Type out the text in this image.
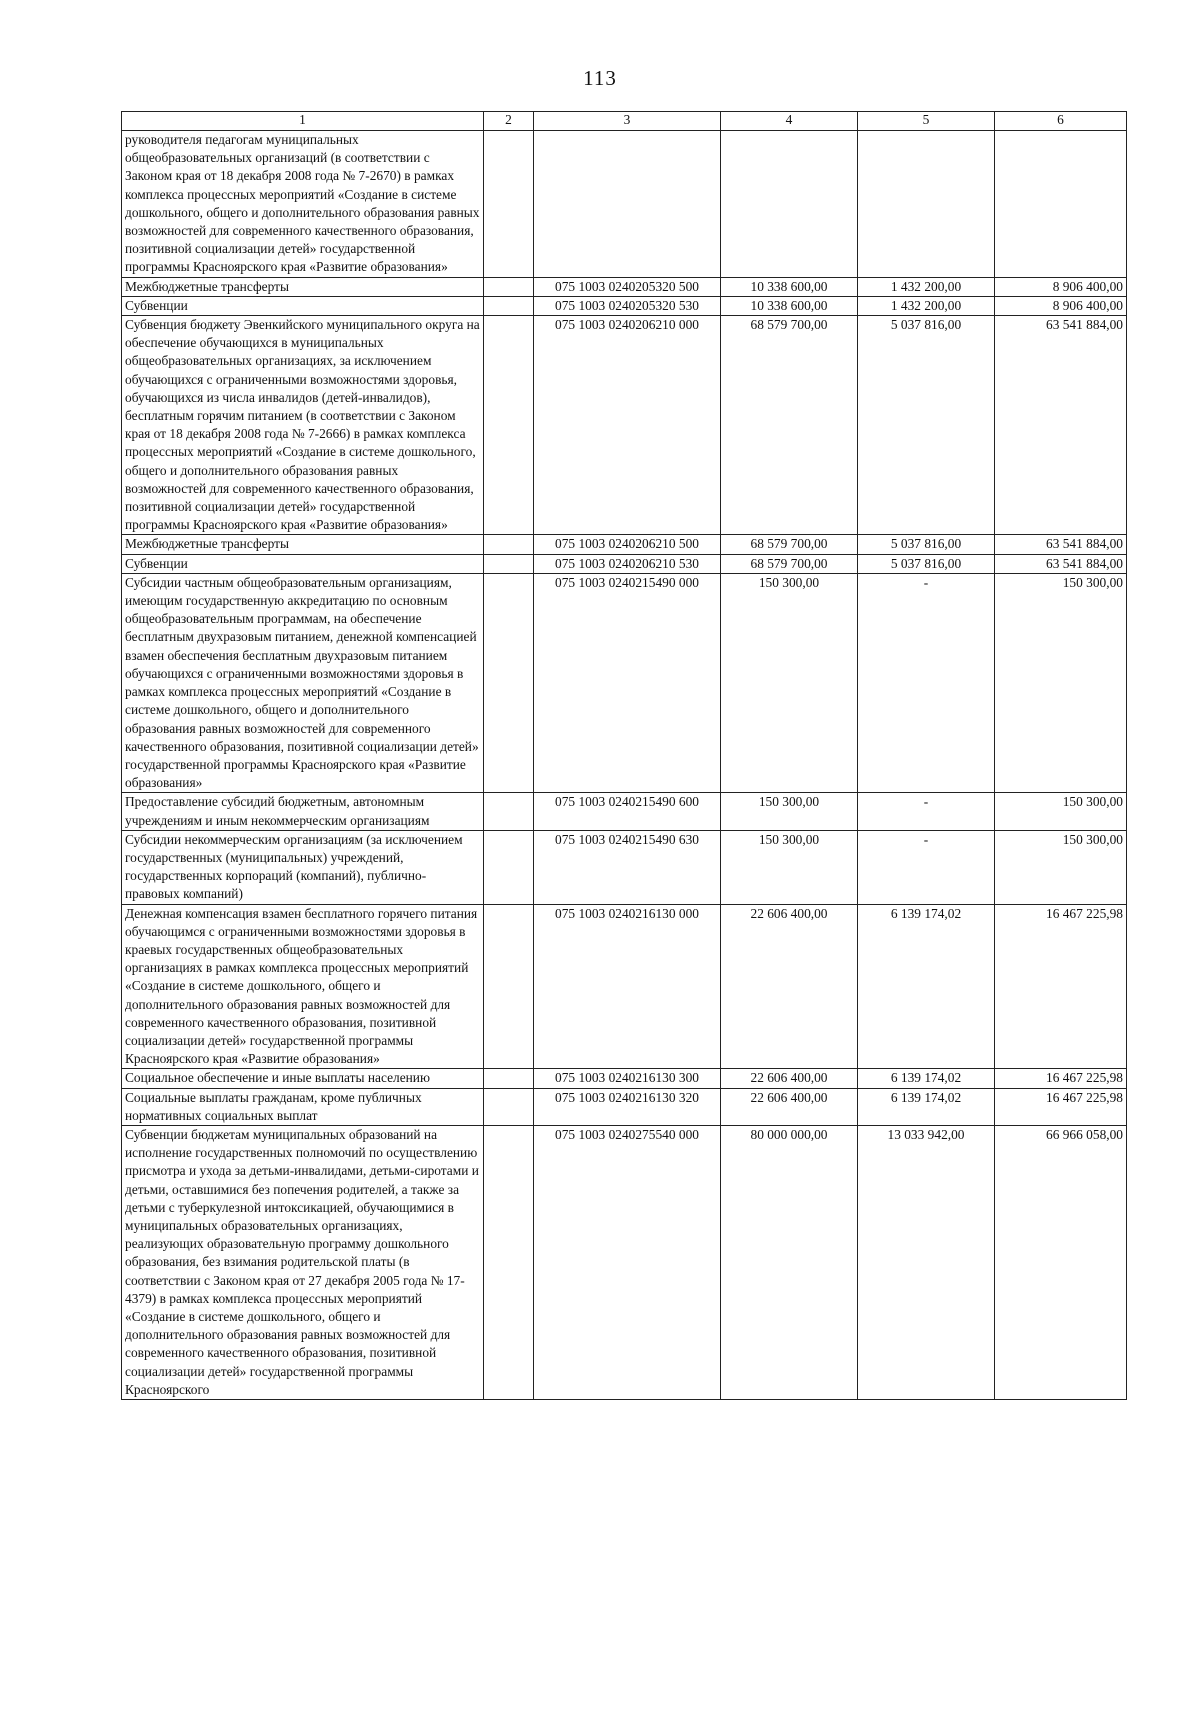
113
1	2	3	4	5	6
руководителя педагогам муниципальных общеобразовательных организаций (в соответствии с Законом края от 18 декабря 2008 года № 7-2670) в рамках комплекса процессных мероприятий «Создание в системе дошкольного, общего и дополнительного образования равных возможностей для современного качественного образования, позитивной социализации детей» государственной программы Красноярского края «Развитие образования»					
Межбюджетные трансферты		075 1003 0240205320 500	10 338 600,00	1 432 200,00	8 906 400,00
Субвенции		075 1003 0240205320 530	10 338 600,00	1 432 200,00	8 906 400,00
Субвенция бюджету Эвенкийского муниципального округа на обеспечение обучающихся в муниципальных общеобразовательных организациях, за исключением обучающихся с ограниченными возможностями здоровья, обучающихся из числа инвалидов (детей-инвалидов), бесплатным горячим питанием (в соответствии с Законом края от 18 декабря 2008 года № 7-2666) в рамках комплекса процессных мероприятий «Создание в системе дошкольного, общего и дополнительного образования равных возможностей для современного качественного образования, позитивной социализации детей» государственной программы Красноярского края «Развитие образования»		075 1003 0240206210 000	68 579 700,00	5 037 816,00	63 541 884,00
Межбюджетные трансферты		075 1003 0240206210 500	68 579 700,00	5 037 816,00	63 541 884,00
Субвенции		075 1003 0240206210 530	68 579 700,00	5 037 816,00	63 541 884,00
Субсидии частным общеобразовательным организациям, имеющим государственную аккредитацию по основным общеобразовательным программам, на обеспечение бесплатным двухразовым питанием, денежной компенсацией взамен обеспечения бесплатным двухразовым питанием обучающихся с ограниченными возможностями здоровья в рамках комплекса процессных мероприятий «Создание в системе дошкольного, общего и дополнительного образования равных возможностей для современного качественного образования, позитивной социализации детей» государственной программы Красноярского края «Развитие образования»		075 1003 0240215490 000	150 300,00	-	150 300,00
Предоставление субсидий бюджетным, автономным учреждениям и иным некоммерческим организациям		075 1003 0240215490 600	150 300,00	-	150 300,00
Субсидии некоммерческим организациям (за исключением государственных (муниципальных) учреждений, государственных корпораций (компаний), публично-правовых компаний)		075 1003 0240215490 630	150 300,00	-	150 300,00
Денежная компенсация взамен бесплатного горячего питания обучающимся с ограниченными возможностями здоровья в краевых государственных общеобразовательных организациях в рамках комплекса процессных мероприятий «Создание в системе дошкольного, общего и дополнительного образования равных возможностей для современного качественного образования, позитивной социализации детей» государственной программы Красноярского края «Развитие образования»		075 1003 0240216130 000	22 606 400,00	6 139 174,02	16 467 225,98
Социальное обеспечение и иные выплаты населению		075 1003 0240216130 300	22 606 400,00	6 139 174,02	16 467 225,98
Социальные выплаты гражданам, кроме публичных нормативных социальных выплат		075 1003 0240216130 320	22 606 400,00	6 139 174,02	16 467 225,98
Субвенции бюджетам муниципальных образований на исполнение государственных полномочий по осуществлению присмотра и ухода за детьми-инвалидами, детьми-сиротами и детьми, оставшимися без попечения родителей, а также за детьми с туберкулезной интоксикацией, обучающимися в муниципальных образовательных организациях, реализующих образовательную программу дошкольного образования, без взимания родительской платы (в соответствии с Законом края от 27 декабря 2005 года № 17-4379) в рамках комплекса процессных мероприятий «Создание в системе дошкольного, общего и дополнительного образования равных возможностей для современного качественного образования, позитивной социализации детей» государственной программы Красноярского		075 1003 0240275540 000	80 000 000,00	13 033 942,00	66 966 058,00
